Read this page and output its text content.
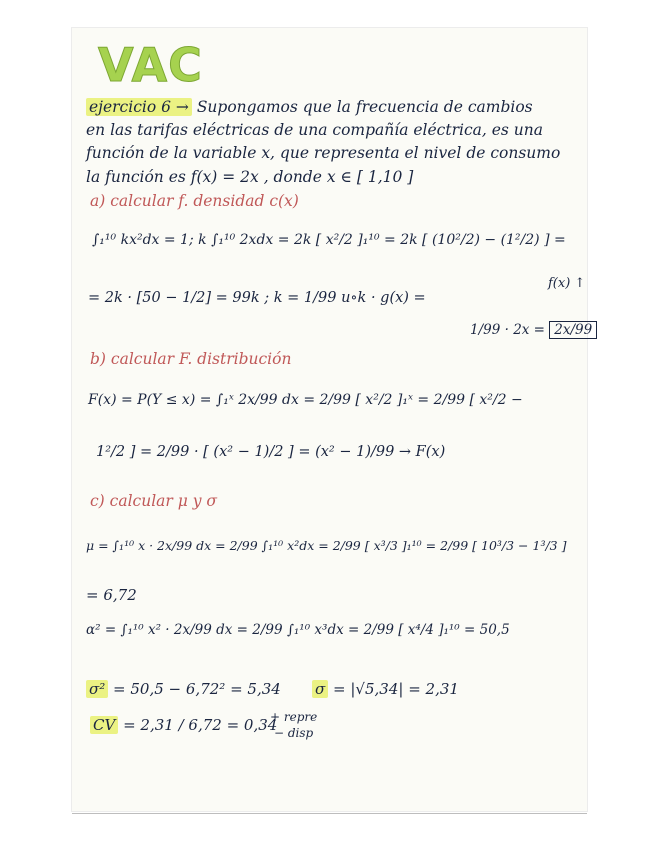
VAC
ejercicio 6 → Supongamos que la frecuencia de cambios
en las tarifas eléctricas de una compañía eléctrica, es una
función de la variable x, que representa el nivel de consumo
la función es f(x) = 2x , donde x ∈ [ 1,10 ]
a) calcular f. densidad c(x)
∫₁¹⁰ kx²dx = 1; k ∫₁¹⁰ 2xdx = 2k [ x²/2 ]₁¹⁰ = 2k [ (10²/2) − (1²/2) ] =
f(x) ↑
= 2k · [50 − 1/2] = 99k ; k = 1/99 u∘k · g(x) =
1/99 · 2x = 2x/99
b) calcular F. distribución
F(x) = P(Y ≤ x) = ∫₁ˣ 2x/99 dx = 2/99 [ x²/2 ]₁ˣ = 2/99 [ x²/2 −
1²/2 ] = 2/99 · [ (x² − 1)/2 ] = (x² − 1)/99 → F(x)
c) calcular μ y σ
μ = ∫₁¹⁰ x · 2x/99 dx = 2/99 ∫₁¹⁰ x²dx = 2/99 [ x³/3 ]₁¹⁰ = 2/99 [ 10³/3 − 1³/3 ]
= 6,72
α² = ∫₁¹⁰ x² · 2x/99 dx = 2/99 ∫₁¹⁰ x³dx = 2/99 [ x⁴/4 ]₁¹⁰ = 50,5
σ² = 50,5 − 6,72² = 5,34 σ = |√5,34| = 2,31
CV = 2,31 / 6,72 = 0,34
+ repre
− disp
